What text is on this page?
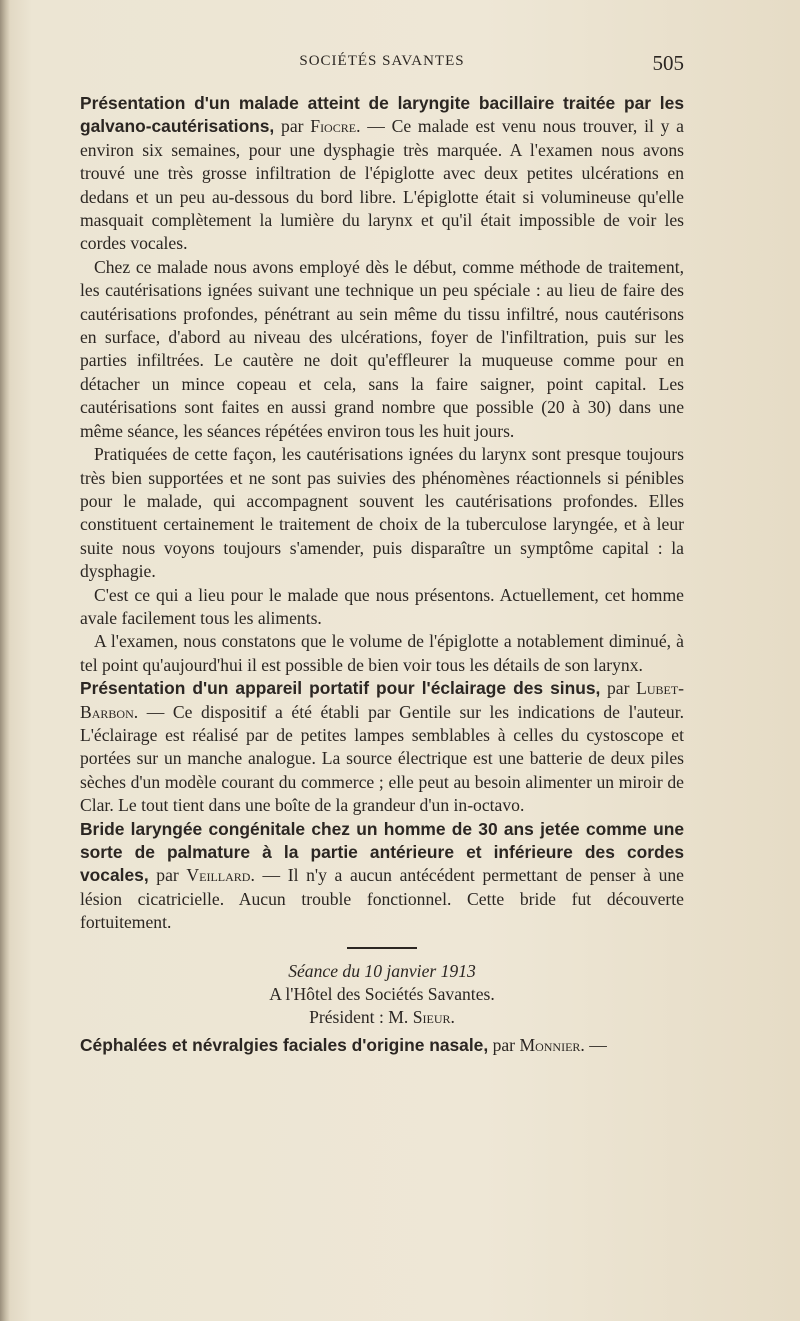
SOCIÉTÉS SAVANTES	505

Présentation d'un malade atteint de laryngite bacillaire traitée par les galvano-cautérisations, par Fiocre. — Ce malade est venu nous trouver, il y a environ six semaines, pour une dysphagie très marquée. A l'examen nous avons trouvé une très grosse infiltration de l'épiglotte avec deux petites ulcérations en dedans et un peu au-dessous du bord libre. L'épiglotte était si volumineuse qu'elle masquait complètement la lumière du larynx et qu'il était impossible de voir les cordes vocales.

Chez ce malade nous avons employé dès le début, comme méthode de traitement, les cautérisations ignées suivant une technique un peu spéciale : au lieu de faire des cautérisations profondes, pénétrant au sein même du tissu infiltré, nous cautérisons en surface, d'abord au niveau des ulcérations, foyer de l'infiltration, puis sur les parties infiltrées. Le cautère ne doit qu'effleurer la muqueuse comme pour en détacher un mince copeau et cela, sans la faire saigner, point capital. Les cautérisations sont faites en aussi grand nombre que possible (20 à 30) dans une même séance, les séances répétées environ tous les huit jours.

Pratiquées de cette façon, les cautérisations ignées du larynx sont presque toujours très bien supportées et ne sont pas suivies des phénomènes réactionnels si pénibles pour le malade, qui accompagnent souvent les cautérisations profondes. Elles constituent certainement le traitement de choix de la tuberculose laryngée, et à leur suite nous voyons toujours s'amender, puis disparaître un symptôme capital : la dysphagie.

C'est ce qui a lieu pour le malade que nous présentons. Actuellement, cet homme avale facilement tous les aliments.

A l'examen, nous constatons que le volume de l'épiglotte a notablement diminué, à tel point qu'aujourd'hui il est possible de bien voir tous les détails de son larynx.

Présentation d'un appareil portatif pour l'éclairage des sinus, par Lubet-Barbon. — Ce dispositif a été établi par Gentile sur les indications de l'auteur. L'éclairage est réalisé par de petites lampes semblables à celles du cystoscope et portées sur un manche analogue. La source électrique est une batterie de deux piles sèches d'un modèle courant du commerce ; elle peut au besoin alimenter un miroir de Clar. Le tout tient dans une boîte de la grandeur d'un in-octavo.

Bride laryngée congénitale chez un homme de 30 ans jetée comme une sorte de palmature à la partie antérieure et inférieure des cordes vocales, par Veillard. — Il n'y a aucun antécédent permettant de penser à une lésion cicatricielle. Aucun trouble fonctionnel. Cette bride fut découverte fortuitement.

Séance du 10 janvier 1913

A l'Hôtel des Sociétés Savantes.

Président : M. Sieur.

Céphalées et névralgies faciales d'origine nasale, par Monnier. —
